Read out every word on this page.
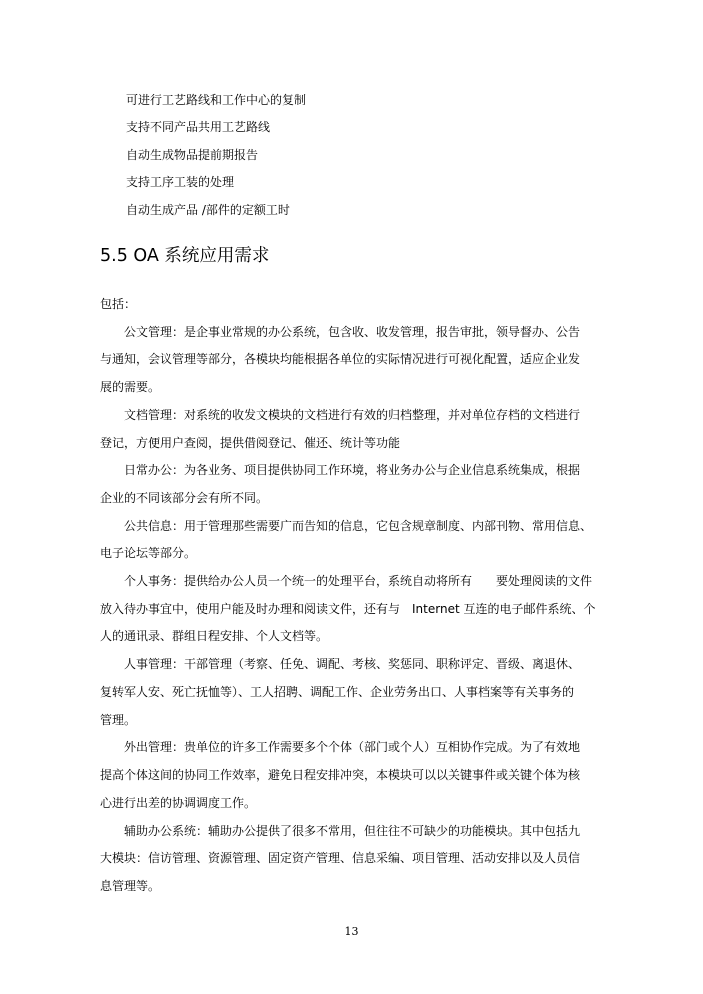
可进行工艺路线和工作中心的复制
支持不同产品共用工艺路线
自动生成物品提前期报告
支持工序工装的处理
自动生成产品 /部件的定额工时
5.5 OA 系统应用需求
包括：
公文管理：是企事业常规的办公系统，包含收、收发管理，报告审批，领导督办、公告
与通知，会议管理等部分，各模块均能根据各单位的实际情况进行可视化配置，适应企业发
展的需要。
文档管理：对系统的收发文模块的文档进行有效的归档整理，并对单位存档的文档进行
登记，方便用户查阅，提供借阅登记、催还、统计等功能
日常办公：为各业务、项目提供协同工作环境，将业务办公与企业信息系统集成，根据
企业的不同该部分会有所不同。
公共信息：用于管理那些需要广而告知的信息，它包含规章制度、内部刊物、常用信息、
电子论坛等部分。
个人事务：提供给办公人员一个统一的处理平台，系统自动将所有　　要处理阅读的文件
放入待办事宜中，使用户能及时办理和阅读文件，还有与　Internet 互连的电子邮件系统、个
人的通讯录、群组日程安排、个人文档等。
人事管理：干部管理（考察、任免、调配、考核、奖惩同、职称评定、晋级、离退休、
复转军人安、死亡抚恤等）、工人招聘、调配工作、企业劳务出口、人事档案等有关事务的
管理。
外出管理：贵单位的许多工作需要多个个体（部门或个人）互相协作完成。为了有效地
提高个体这间的协同工作效率，避免日程安排冲突，本模块可以以关键事件或关键个体为核
心进行出差的协调调度工作。
辅助办公系统：辅助办公提供了很多不常用，但往往不可缺少的功能模块。其中包括九
大模块：信访管理、资源管理、固定资产管理、信息采编、项目管理、活动安排以及人员信
息管理等。
13
